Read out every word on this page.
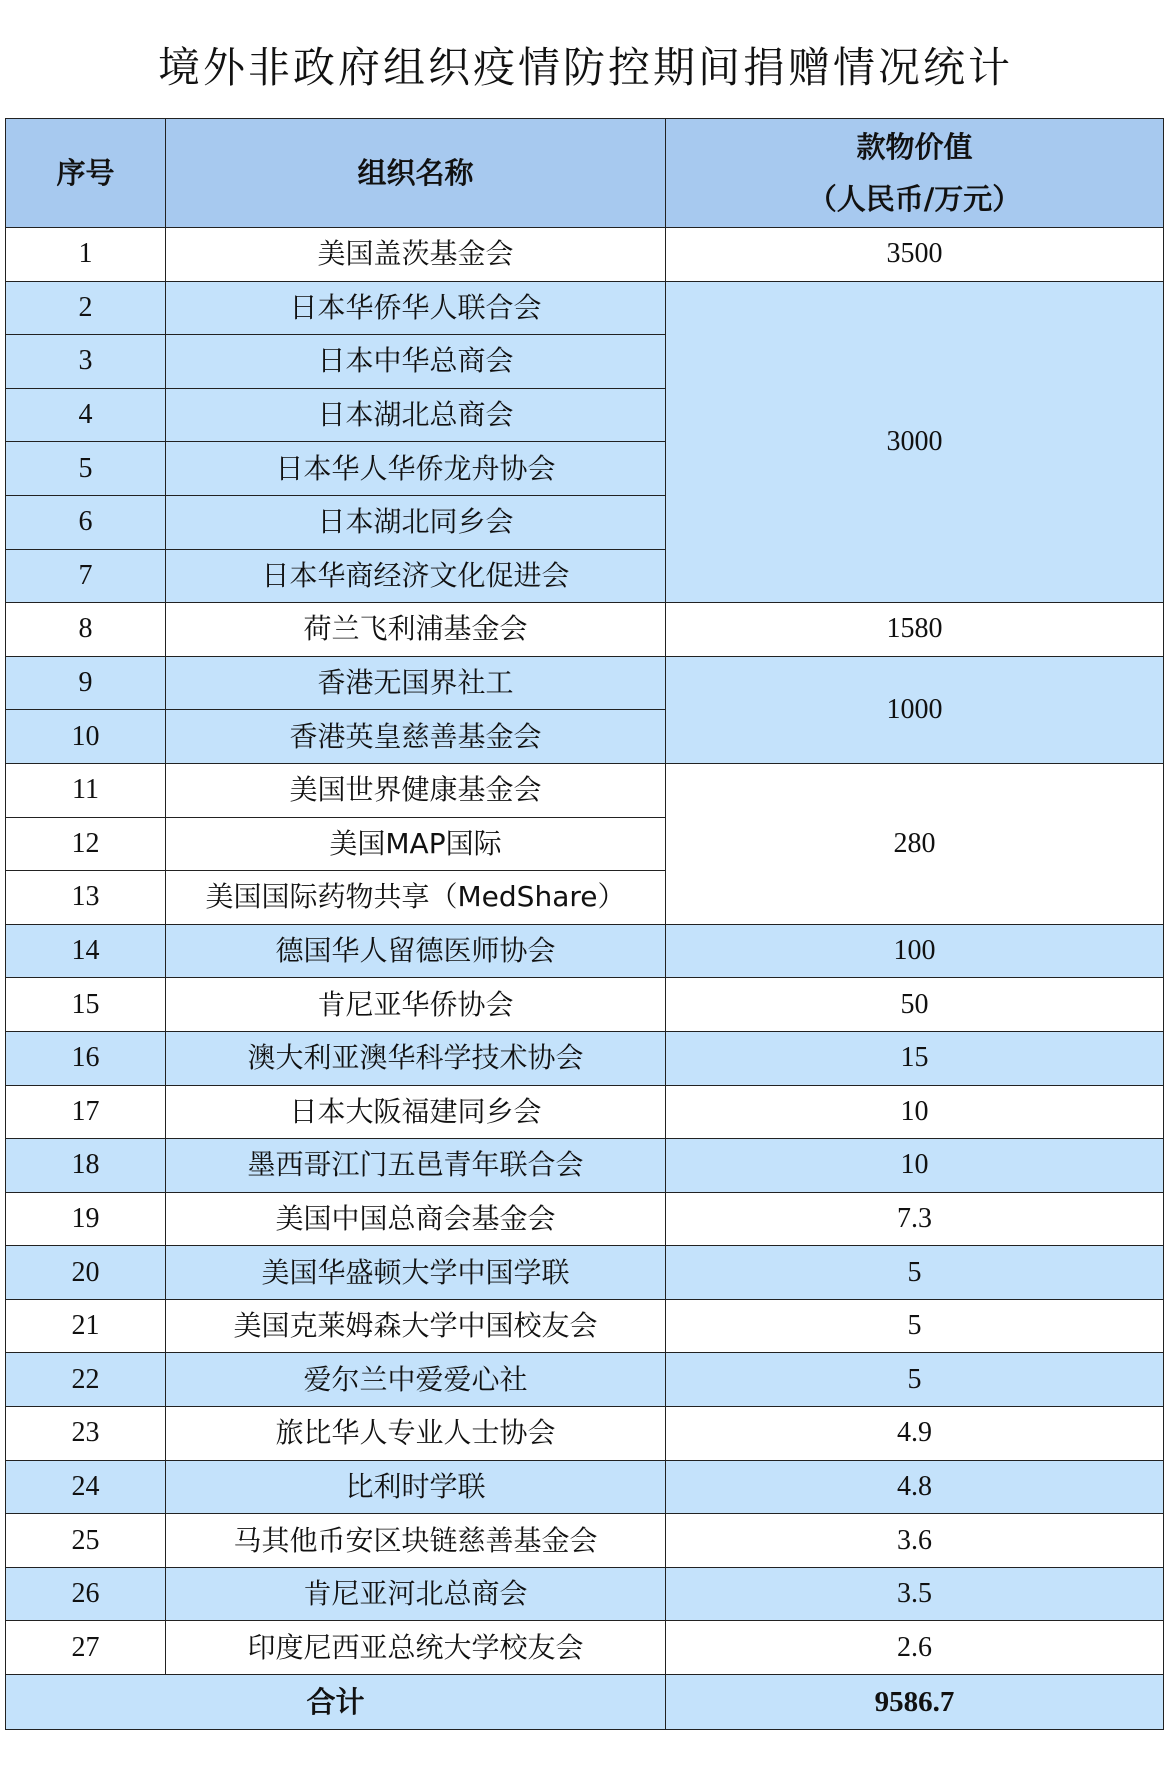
境外非政府组织疫情防控期间捐赠情况统计
序号	组织名称	款物价值
（人民币/万元）

1	美国盖茨基金会	3500
2	日本华侨华人联合会	3000
3	日本中华总商会	
4	日本湖北总商会	
5	日本华人华侨龙舟协会	
6	日本湖北同乡会	
7	日本华商经济文化促进会	
8	荷兰飞利浦基金会	1580
9	香港无国界社工	1000
10	香港英皇慈善基金会	
11	美国世界健康基金会	280
12	美国MAP国际	
13	美国国际药物共享（MedShare）	
14	德国华人留德医师协会	100
15	肯尼亚华侨协会	50
16	澳大利亚澳华科学技术协会	15
17	日本大阪福建同乡会	10
18	墨西哥江门五邑青年联合会	10
19	美国中国总商会基金会	7.3
20	美国华盛顿大学中国学联	5
21	美国克莱姆森大学中国校友会	5
22	爱尔兰中爱爱心社	5
23	旅比华人专业人士协会	4.9
24	比利时学联	4.8
25	马其他币安区块链慈善基金会	3.6
26	肯尼亚河北总商会	3.5
27	印度尼西亚总统大学校友会	2.6
合计		9586.7
